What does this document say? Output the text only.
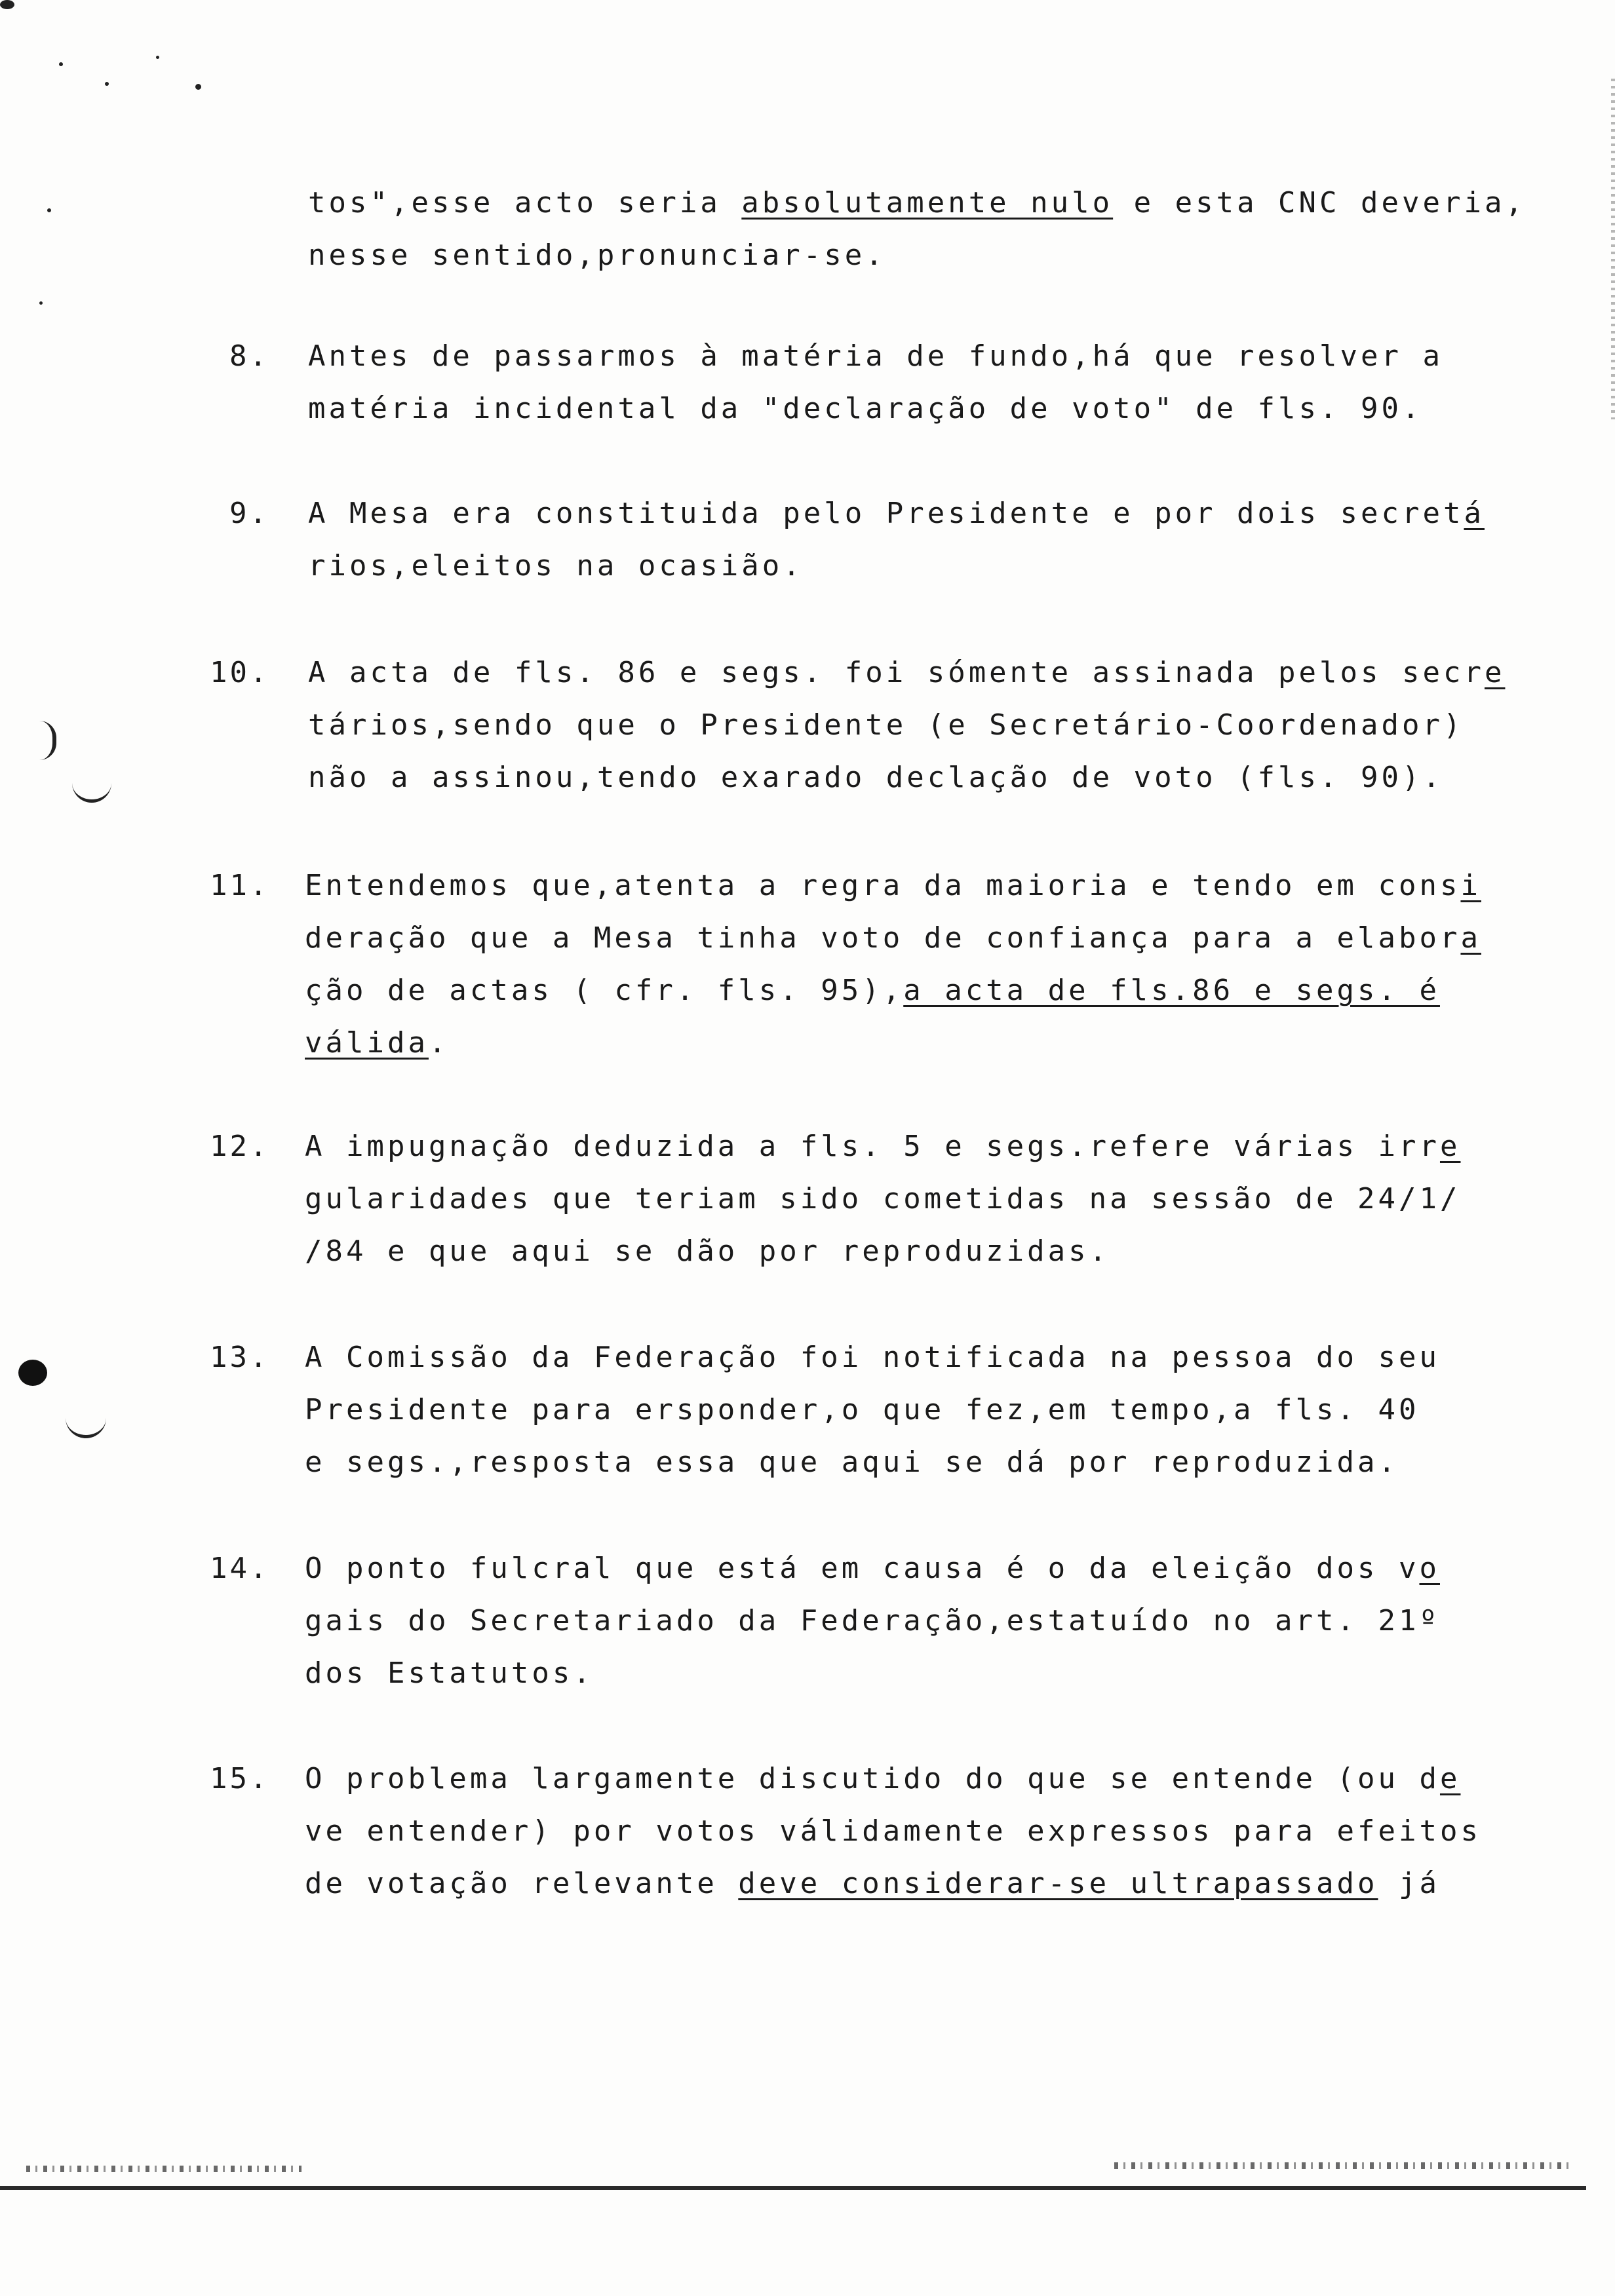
8.
9.
10.
11.
12.
13.
14.
15.
tos",esse acto seria absolutamente nulo e esta CNC deveria,
nesse sentido,pronunciar-se.
Antes de passarmos à matéria de fundo,há que resolver a
matéria incidental da "declaração de voto" de fls. 90.
A Mesa era constituida pelo Presidente e por dois secretá
rios,eleitos na ocasião.
A acta de fls. 86 e segs. foi sómente assinada pelos secre
tários,sendo que o Presidente (e Secretário-Coordenador)
não a assinou,tendo exarado declação de voto (fls. 90).
Entendemos que,atenta a regra da maioria e tendo em consi
deração que a Mesa tinha voto de confiança para a elabora
ção de actas ( cfr. fls. 95),a acta de fls.86 e segs. é
válida.
A impugnação deduzida a fls. 5 e segs.refere várias irre
gularidades que teriam sido cometidas na sessão de 24/1/
/84 e que aqui se dão por reproduzidas.
A Comissão da Federação foi notificada na pessoa do seu
Presidente para ersponder,o que fez,em tempo,a fls. 40
e segs.,resposta essa que aqui se dá por reproduzida.
O ponto fulcral que está em causa é o da eleição dos vo
gais do Secretariado da Federação,estatuído no art. 21º
dos Estatutos.
O problema largamente discutido do que se entende (ou de
ve entender) por votos válidamente expressos para efeitos
de votação relevante deve considerar-se ultrapassado já
